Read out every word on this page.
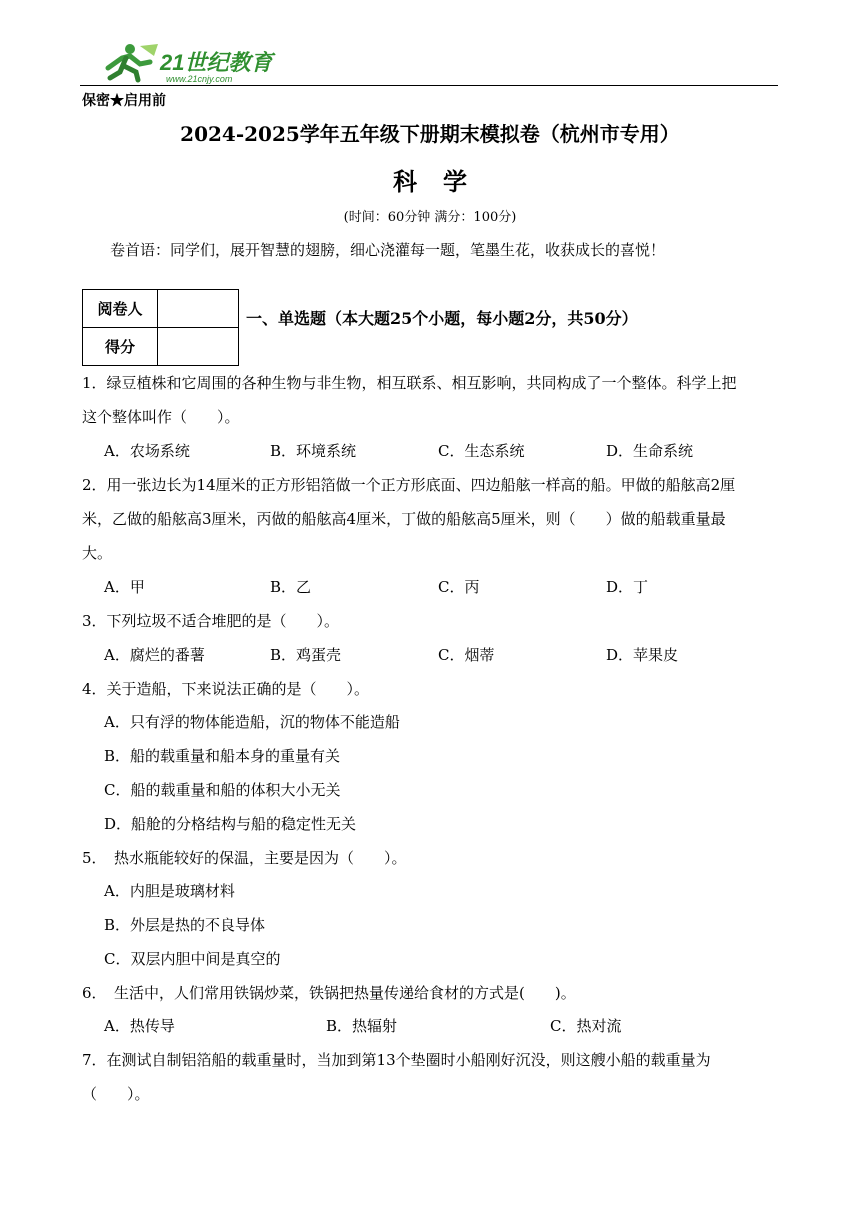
21世纪教育
www.21cnjy.com
保密★启用前
2024-2025学年五年级下册期末模拟卷（杭州市专用）
科学
(时间：60分钟 满分：100分)
卷首语：同学们，展开智慧的翅膀，细心浇灌每一题，笔墨生花，收获成长的喜悦！
阅卷人	
得分	
一、单选题（本大题25个小题，每小题2分，共50分）
1．绿豆植株和它周围的各种生物与非生物，相互联系、相互影响，共同构成了一个整体。科学上把
这个整体叫作（　　）。
A．农场系统	B．环境系统	C．生态系统	D．生命系统
2．用一张边长为14厘米的正方形铝箔做一个正方形底面、四边船舷一样高的船。甲做的船舷高2厘
米，乙做的船舷高3厘米，丙做的船舷高4厘米，丁做的船舷高5厘米，则（　　）做的船载重量最
大。
A．甲	B．乙	C．丙	D．丁
3．下列垃圾不适合堆肥的是（　　）。
A．腐烂的番薯	B．鸡蛋壳	C．烟蒂	D．苹果皮
4．关于造船，下来说法正确的是（　　）。
A．只有浮的物体能造船，沉的物体不能造船
B．船的载重量和船本身的重量有关
C．船的载重量和船的体积大小无关
D．船舱的分格结构与船的稳定性无关
5．　热水瓶能较好的保温，主要是因为（　　）。
A．内胆是玻璃材料
B．外层是热的不良导体
C．双层内胆中间是真空的
6．　生活中，人们常用铁锅炒菜，铁锅把热量传递给食材的方式是(　　)。
A．热传导	B．热辐射	C．热对流
7．在测试自制铝箔船的载重量时，当加到第13个垫圈时小船刚好沉没，则这艘小船的载重量为
（　　）。
